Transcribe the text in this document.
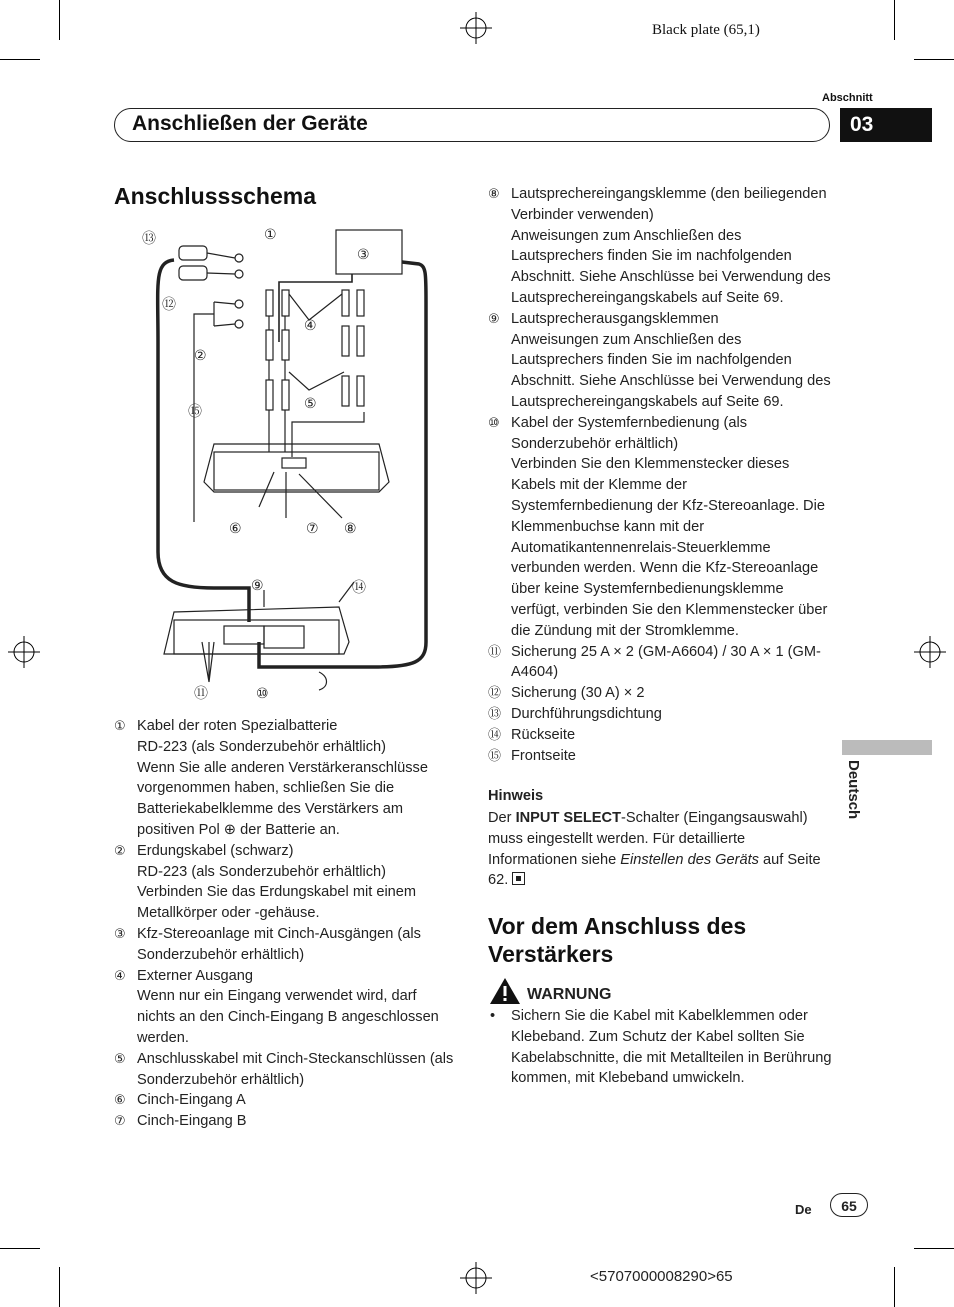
Black plate (65,1)
Abschnitt
Anschließen der Geräte	03
Anschlussschema
⑬	①
③
⑫
④
②
⑤
⑮
⑥	⑦ ⑧
⑨	⑭
⑪	⑩
① Kabel der roten Spezialbatterie
RD-223 (als Sonderzubehör erhältlich)
Wenn Sie alle anderen Verstärkeranschlüsse vorgenommen haben, schließen Sie die Batteriekabelklemme des Verstärkers am positiven Pol ⊕ der Batterie an.
② Erdungskabel (schwarz)
RD-223 (als Sonderzubehör erhältlich)
Verbinden Sie das Erdungskabel mit einem Metallkörper oder -gehäuse.
③ Kfz-Stereoanlage mit Cinch-Ausgängen (als Sonderzubehör erhältlich)
④ Externer Ausgang
Wenn nur ein Eingang verwendet wird, darf nichts an den Cinch-Eingang B angeschlossen werden.
⑤ Anschlusskabel mit Cinch-Steckanschlüssen (als Sonderzubehör erhältlich)
⑥ Cinch-Eingang A
⑦ Cinch-Eingang B
⑧ Lautsprechereingangsklemme (den beiliegenden Verbinder verwenden)
Anweisungen zum Anschließen des Lautsprechers finden Sie im nachfolgenden Abschnitt. Siehe Anschlüsse bei Verwendung des Lautsprechereingangskabels auf Seite 69.
⑨ Lautsprecherausgangsklemmen
Anweisungen zum Anschließen des Lautsprechers finden Sie im nachfolgenden Abschnitt. Siehe Anschlüsse bei Verwendung des Lautsprechereingangskabels auf Seite 69.
⑩ Kabel der Systemfernbedienung (als Sonderzubehör erhältlich)
Verbinden Sie den Klemmenstecker dieses Kabels mit der Klemme der Systemfernbedienung der Kfz-Stereoanlage. Die Klemmenbuchse kann mit der Automatikantennenrelais-Steuerklemme verbunden werden. Wenn die Kfz-Stereoanlage über keine Systemfernbedienungsklemme verfügt, verbinden Sie den Klemmenstecker über die Zündung mit der Stromklemme.
⑪ Sicherung 25 A × 2 (GM-A6604) / 30 A × 1 (GM-A4604)
⑫ Sicherung (30 A) × 2
⑬ Durchführungsdichtung
⑭ Rückseite
⑮ Frontseite
Hinweis
Der INPUT SELECT-Schalter (Eingangsauswahl) muss eingestellt werden. Für detaillierte Informationen siehe Einstellen des Geräts auf Seite 62.
Vor dem Anschluss des Verstärkers
WARNUNG
• Sichern Sie die Kabel mit Kabelklemmen oder Klebeband. Zum Schutz der Kabel sollten Sie Kabelabschnitte, die mit Metallteilen in Berührung kommen, mit Klebeband umwickeln.
Deutsch
De	65
<5707000008290>65
